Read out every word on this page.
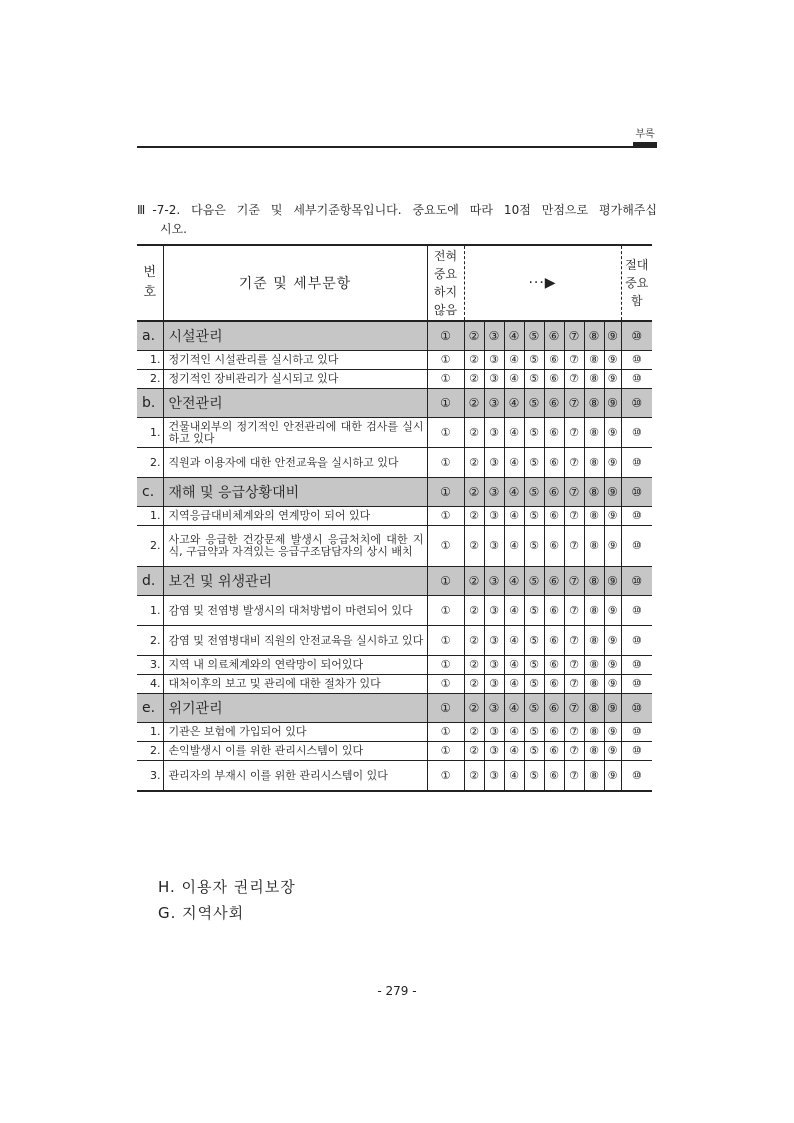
부록
Ⅲ-7-2. 다음은 기준 및 세부기준항목입니다. 중요도에 따라 10점 만점으로 평가해주십
시오.
번호	기준 및 세부문항	전혀중요하지않음	···▶								절대중요함
a.	시설관리	①	②	③	④	⑤	⑥	⑦	⑧	⑨	⑩
1.	정기적인 시설관리를 실시하고 있다	①	②	③	④	⑤	⑥	⑦	⑧	⑨	⑩
2.	정기적인 장비관리가 실시되고 있다	①	②	③	④	⑤	⑥	⑦	⑧	⑨	⑩
b.	안전관리	①	②	③	④	⑤	⑥	⑦	⑧	⑨	⑩
1.	건물내외부의 정기적인 안전관리에 대한 검사를 실시하고 있다	①	②	③	④	⑤	⑥	⑦	⑧	⑨	⑩
2.	직원과 이용자에 대한 안전교육을 실시하고 있다	①	②	③	④	⑤	⑥	⑦	⑧	⑨	⑩
c.	재해 및 응급상황대비	①	②	③	④	⑤	⑥	⑦	⑧	⑨	⑩
1.	지역응급대비체계와의 연계망이 되어 있다	①	②	③	④	⑤	⑥	⑦	⑧	⑨	⑩
2.	사고와 응급한 건강문제 발생시 응급처치에 대한 지식, 구급약과 자격있는 응급구조담담자의 상시 배치	①	②	③	④	⑤	⑥	⑦	⑧	⑨	⑩
d.	보건 및 위생관리	①	②	③	④	⑤	⑥	⑦	⑧	⑨	⑩
1.	감염 및 전염병 발생시의 대처방법이 마련되어 있다	①	②	③	④	⑤	⑥	⑦	⑧	⑨	⑩
2.	감염 및 전염병대비 직원의 안전교육을 실시하고 있다	①	②	③	④	⑤	⑥	⑦	⑧	⑨	⑩
3.	지역 내 의료체계와의 연락망이 되어있다	①	②	③	④	⑤	⑥	⑦	⑧	⑨	⑩
4.	대처이후의 보고 및 관리에 대한 절차가 있다	①	②	③	④	⑤	⑥	⑦	⑧	⑨	⑩
e.	위기관리	①	②	③	④	⑤	⑥	⑦	⑧	⑨	⑩
1.	기관은 보험에 가입되어 있다	①	②	③	④	⑤	⑥	⑦	⑧	⑨	⑩
2.	손익발생시 이를 위한 관리시스템이 있다	①	②	③	④	⑤	⑥	⑦	⑧	⑨	⑩
3.	관리자의 부재시 이를 위한 관리시스템이 있다	①	②	③	④	⑤	⑥	⑦	⑧	⑨	⑩
H. 이용자 권리보장
G. 지역사회
- 279 -
